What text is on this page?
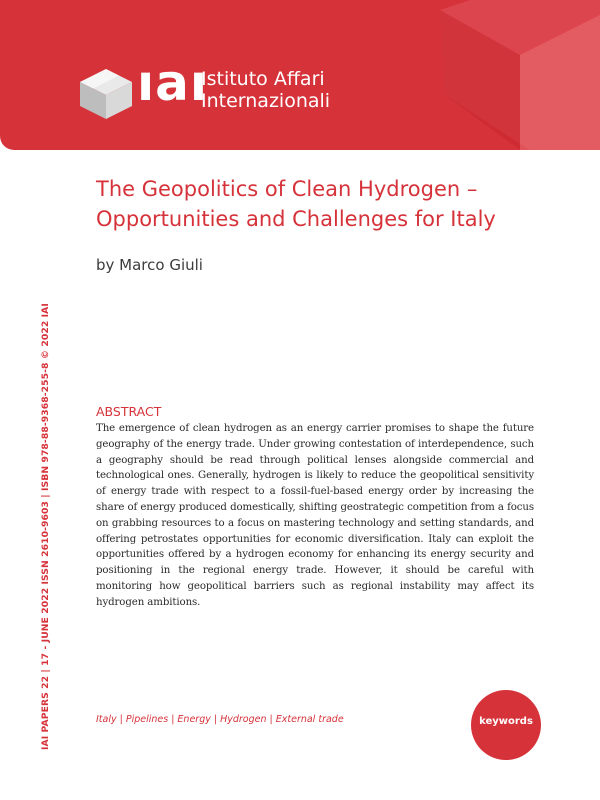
ıaı
Istituto Affari
Internazionali
IAI PAPERS 22 | 17 - JUNE 2022 ISSN 2610-9603 | ISBN 978-88-9368-255-8 © 2022 IAI
The Geopolitics of Clean Hydrogen – Opportunities and Challenges for Italy
by Marco Giuli
ABSTRACT

The emergence of clean hydrogen as an energy carrier promises to shape the future geography of the energy trade. Under growing contestation of interdependence, such a geography should be read through political lenses alongside commercial and technological ones. Generally, hydrogen is likely to reduce the geopolitical sensitivity of energy trade with respect to a fossil-fuel-based energy order by increasing the share of energy produced domestically, shifting geostrategic competition from a focus on grabbing resources to a focus on mastering technology and setting standards, and offering petrostates opportunities for economic diversification. Italy can exploit the opportunities offered by a hydrogen economy for enhancing its energy security and positioning in the regional energy trade. However, it should be careful with monitoring how geopolitical barriers such as regional instability may affect its hydrogen ambitions.

Italy | Pipelines | Energy | Hydrogen | External trade	keywords
